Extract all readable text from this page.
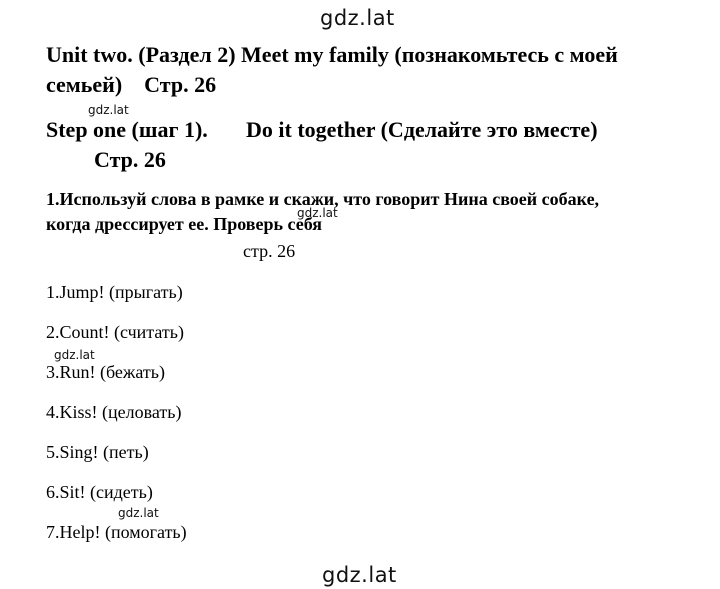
gdz.lat
Unit two. (Раздел 2) Meet my family (познакомьтесь с моей
семьей)    Стр. 26
gdz.lat
Step one (шаг 1). Do it together (Сделайте это вместе)
Стр. 26
1.Используй слова в рамке и скажи, что говорит Нина своей собаке,
когда дрессирует ее. Проверь себя
gdz.lat
стр. 26
1.Jump! (прыгать)
2.Count! (считать)
gdz.lat
3.Run! (бежать)
4.Kiss! (целовать)
5.Sing! (петь)
6.Sit! (сидеть)
gdz.lat
7.Help! (помогать)
gdz.lat
